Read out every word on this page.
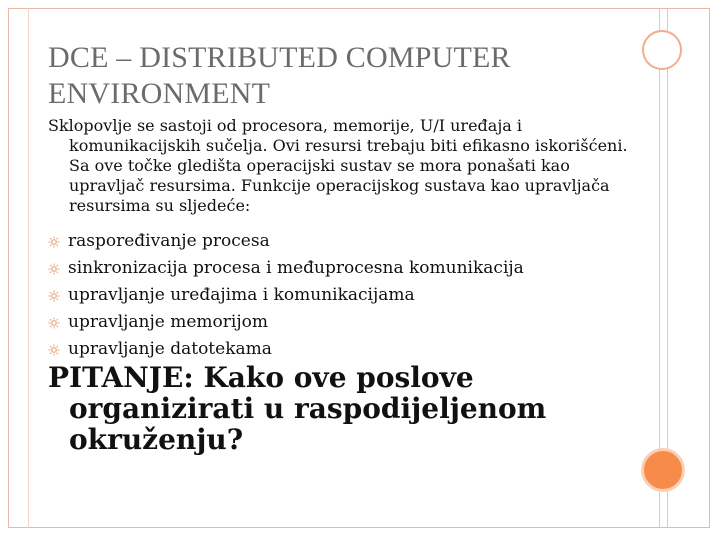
DCE – DISTRIBUTED COMPUTER ENVIRONMENT
Sklopovlje se sastoji od procesora, memorije, U/I uređaja i komunikacijskih sučelja. Ovi resursi trebaju biti efikasno iskorišćeni. Sa ove točke gledišta operacijski sustav se mora ponašati kao upravljač resursima. Funkcije operacijskog sustava kao upravljača resursima su sljedeće:
raspoređivanje procesa
sinkronizacija procesa i međuprocesna komunikacija
upravljanje uređajima i komunikacijama
upravljanje memorijom
upravljanje datotekama
PITANJE: Kako ove poslove organizirati u raspodijeljenom okruženju?
